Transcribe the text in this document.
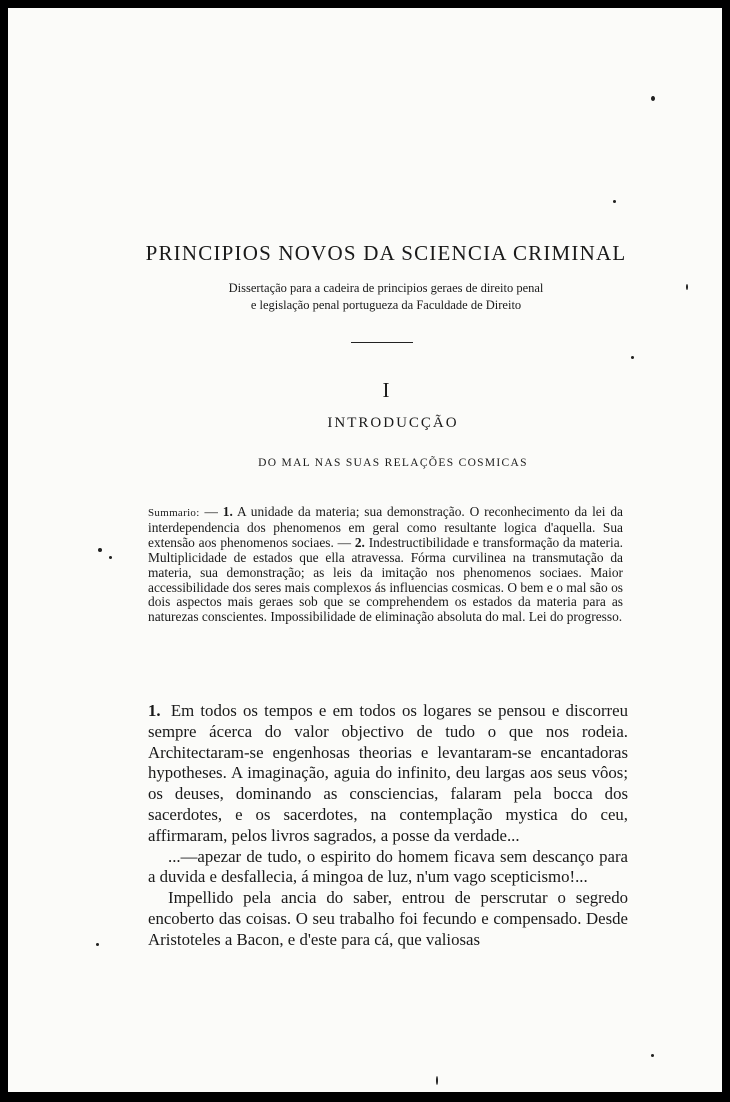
PRINCIPIOS NOVOS DA SCIENCIA CRIMINAL

Dissertação para a cadeira de principios geraes de direito penal

e legislação penal portugueza da Faculdade de Direito

I
INTRODUCÇÃO
DO MAL NAS SUAS RELAÇÕES COSMICAS

Summario: — 1. A unidade da materia; sua demonstração. O reconhecimento da lei da interdependencia dos phenomenos em geral como resultante logica d'aquella. Sua extensão aos phenomenos sociaes. — 2. Indestructibilidade e transformação da materia. Multiplicidade de estados que ella atravessa. Fórma curvilinea na transmutação da materia, sua demonstração; as leis da imitação nos phenomenos sociaes. Maior accessibilidade dos seres mais complexos ás influencias cosmicas. O bem e o mal são os dois aspectos mais geraes sob que se comprehendem os estados da materia para as naturezas conscientes. Impossibilidade de eliminação absoluta do mal. Lei do progresso.

1. Em todos os tempos e em todos os logares se pensou e discorreu sempre ácerca do valor objectivo de tudo o que nos rodeia. Architectaram-se engenhosas theorias e levantaram-se encantadoras hypotheses. A imaginação, aguia do infinito, deu largas aos seus vôos; os deuses, dominando as consciencias, falaram pela bocca dos sacerdotes, e os sacerdotes, na contemplação mystica do ceu, affirmaram, pelos livros sagrados, a posse da verdade...

...—apezar de tudo, o espirito do homem ficava sem descanço para a duvida e desfallecia, á mingoa de luz, n'um vago scepticismo!...

Impellido pela ancia do saber, entrou de perscrutar o segredo encoberto das coisas. O seu trabalho foi fecundo e compensado. Desde Aristoteles a Bacon, e d'este para cá, que valiosas
